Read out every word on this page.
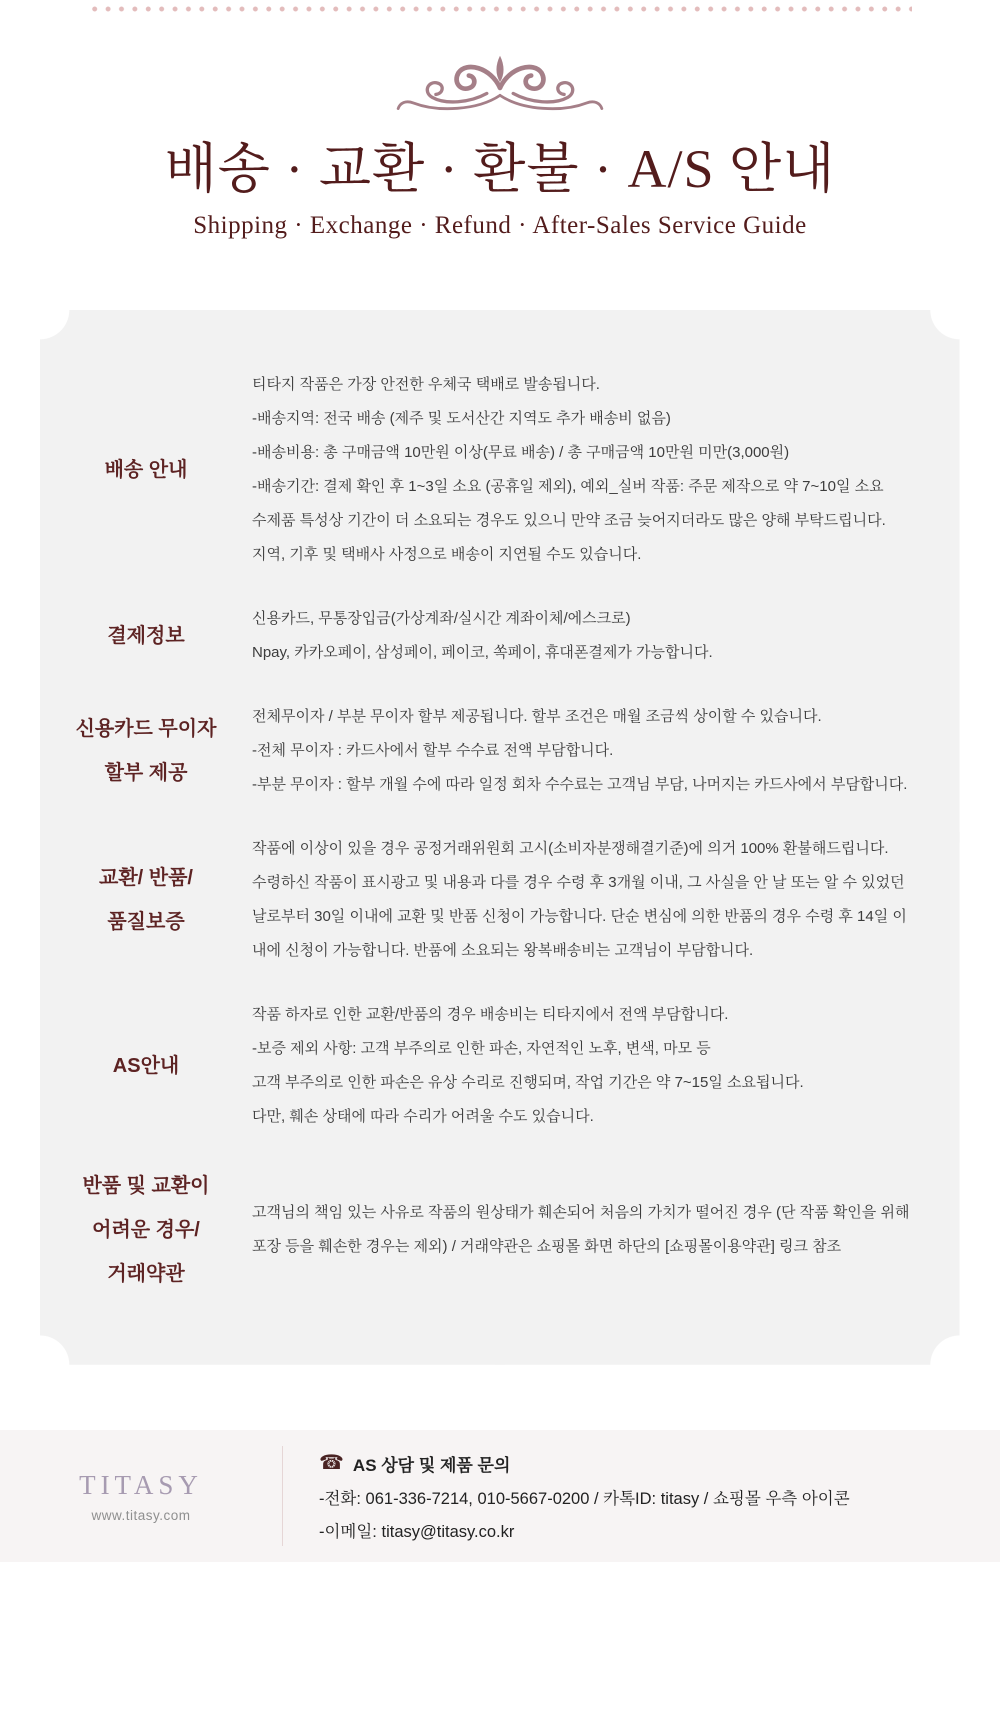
배송 · 교환 · 환불 · A/S 안내
Shipping · Exchange · Refund · After-Sales Service Guide
배송 안내
티타지 작품은 가장 안전한 우체국 택배로 발송됩니다.
-배송지역: 전국 배송 (제주 및 도서산간 지역도 추가 배송비 없음)
-배송비용: 총 구매금액 10만원 이상(무료 배송) / 총 구매금액 10만원 미만(3,000원)
-배송기간: 결제 확인 후 1~3일 소요 (공휴일 제외), 예외_실버 작품: 주문 제작으로 약 7~10일 소요
수제품 특성상 기간이 더 소요되는 경우도 있으니 만약 조금 늦어지더라도 많은 양해 부탁드립니다.
지역, 기후 및 택배사 사정으로 배송이 지연될 수도 있습니다.
결제정보
신용카드, 무통장입금(가상계좌/실시간 계좌이체/에스크로)
Npay, 카카오페이, 삼성페이, 페이코, 쏙페이, 휴대폰결제가 가능합니다.
신용카드 무이자
할부 제공
전체무이자 / 부분 무이자 할부 제공됩니다. 할부 조건은 매월 조금씩 상이할 수 있습니다.
-전체 무이자 : 카드사에서 할부 수수료 전액 부담합니다.
-부분 무이자 : 할부 개월 수에 따라 일정 회차 수수료는 고객님 부담, 나머지는 카드사에서 부담합니다.
교환/ 반품/
품질보증
작품에 이상이 있을 경우 공정거래위원회 고시(소비자분쟁해결기준)에 의거 100% 환불해드립니다.
수령하신 작품이 표시광고 및 내용과 다를 경우 수령 후 3개월 이내, 그 사실을 안 날 또는 알 수 있었던
날로부터 30일 이내에 교환 및 반품 신청이 가능합니다. 단순 변심에 의한 반품의 경우 수령 후 14일 이
내에 신청이 가능합니다. 반품에 소요되는 왕복배송비는 고객님이 부담합니다.
AS안내
작품 하자로 인한 교환/반품의 경우 배송비는 티타지에서 전액 부담합니다.
-보증 제외 사항: 고객 부주의로 인한 파손, 자연적인 노후, 변색, 마모 등
고객 부주의로 인한 파손은 유상 수리로 진행되며, 작업 기간은 약 7~15일 소요됩니다.
다만, 훼손 상태에 따라 수리가 어려울 수도 있습니다.
반품 및 교환이
어려운 경우/
거래약관
고객님의 책임 있는 사유로 작품의 원상태가 훼손되어 처음의 가치가 떨어진 경우 (단 작품 확인을 위해
포장 등을 훼손한 경우는 제외) / 거래약관은 쇼핑몰 화면 하단의 [쇼핑몰이용약관] 링크 참조
TITASY
www.titasy.com
☎ AS 상담 및 제품 문의
-전화: 061-336-7214, 010-5667-0200 / 카톡ID: titasy / 쇼핑몰 우측 아이콘
-이메일: titasy@titasy.co.kr
